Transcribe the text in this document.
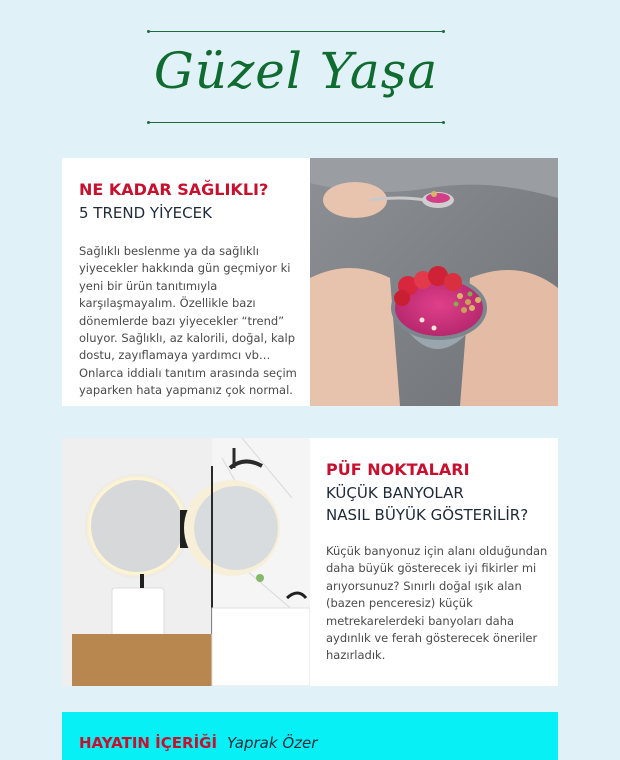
Güzel Yaşa
NE KADAR SAĞLIKLI?
5 TREND YİYECEK
Sağlıklı beslenme ya da sağlıklı yiyecekler hakkında gün geçmiyor ki yeni bir ürün tanıtımıyla karşılaşmayalım. Özellikle bazı dönemlerde bazı yiyecekler “trend” oluyor. Sağlıklı, az kalorili, doğal, kalp dostu, zayıflamaya yardımcı vb… Onlarca iddialı tanıtım arasında seçim yaparken hata yapmanız çok normal.
PÜF NOKTALARI
KÜÇÜK BANYOLAR
NASIL BÜYÜK GÖSTERİLİR?
Küçük banyonuz için alanı olduğundan daha büyük gösterecek iyi fikirler mi arıyorsunuz? Sınırlı doğal ışık alan (bazen penceresiz) küçük metrekarelerdeki banyoları daha aydınlık ve ferah gösterecek öneriler hazırladık.
HAYATIN İÇERİĞİ Yaprak Özer
